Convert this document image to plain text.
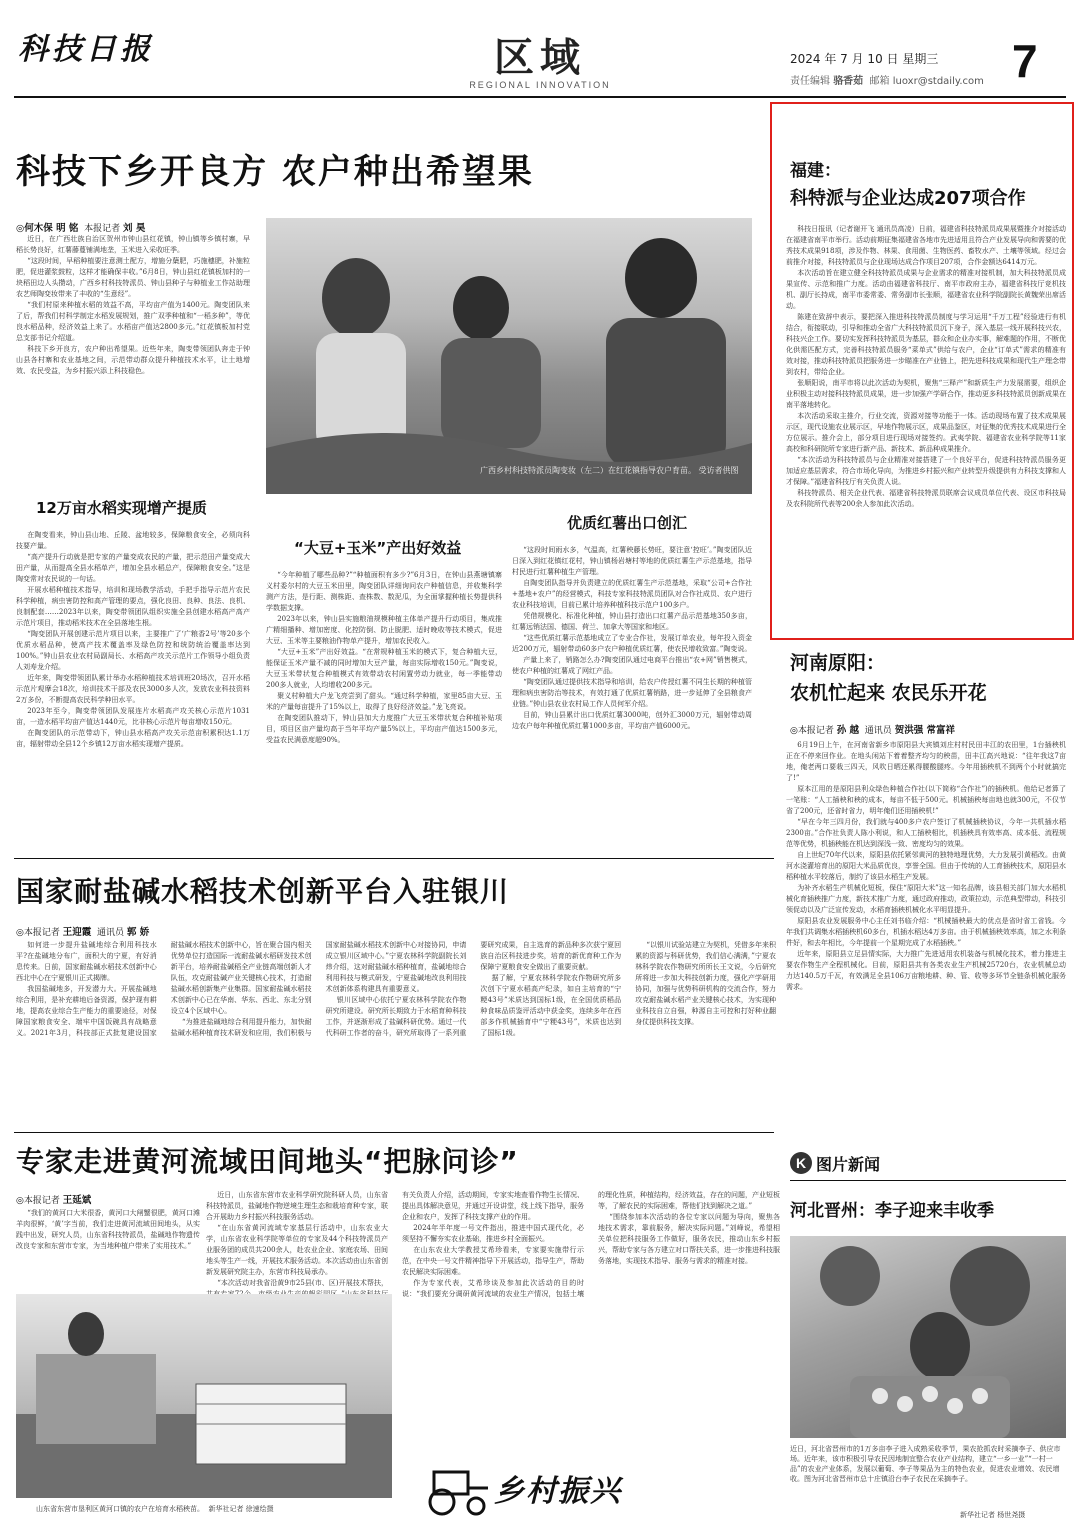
科技日报	区域
REGIONAL INNOVATION
2024 年 7 月 10 日 星期三
责任编辑 骆香茹 邮箱 luoxr@stdaily.com 7
科技下乡开良方 农户种出希望果
◎何木保 明 铭 本报记者 刘 昊

近日，在广西壮族自治区贺州市钟山县红花镇，钟山镇等乡镇村寨，早稻长势良好，红薯藤蔓铺满地垄，玉米进入采收旺季。

“这段时间，早稻种植要注意测土配方，增施分蘖肥，巧施穗肥，补施粒肥，促进灌浆鼓粒，这样才能确保丰收。”6月8日，钟山县红花镇板加村的一块稻田边人头攒动，广西乡村科技特派员、钟山县种子与种植业工作站助理农艺师陶变妆带来了丰收的“生意经”。

“我们村原来种植水稻的效益不高，平均亩产值为1400元。陶变团队来了后，帮我们村科学制定水稻发展规划，推广双季种植和“一稻多种”，等优良水稻品种，经济效益上来了。水稻亩产值达2800多元。”红花镇板加村党总支部书记介绍道。

科技下乡开良方，农户种出希望果。近些年来，陶变带领团队奔走于钟山县各村寨和农业基地之间，示范带动群众提升种植技术水平，让土地增效、农民受益，为乡村振兴添上科技稳色。

广西乡村科技特派员陶变妆（左二）在红花镇指导农户育苗。 受访者供图
12万亩水稻实现增产提质

在陶变看来，钟山县山地、丘陵、盆地较多，保障粮食安全，必须向科技要产量。

“高产提升行动就是把专家的产量变成农民的产量，把示范田产量变成大田产量，从而提高全县水稻单产，增加全县水稻总产，保障粮食安全。”这是陶变常对农民说的一句话。

开展水稻种植技术指导，培训和现场教学活动，手把手指导示范片农民科学种植，病虫害防控和高产管理的要点，强化良田、良种、良法、良机、良制配套……2023年以来，陶变带领团队组织实施全县创建水稻高产高产示范片项目，推动稻米技术在全县落地生根。

“陶变团队开展创建示范片项目以来，主要推广了‘广粮香2号’等20多个优质水稻品种，使高产技术覆盖率及绿色防控和统防统治覆盖率达到100%。”钟山县农业农村局副局长、水稻高产攻关示范片工作领导小组负责人刘寿龙介绍。

近年来，陶变带领团队累计举办水稻种植技术培训班20场次，召开水稻示范片观摩会18次，培训技术干部及农民3000多人次，发放农业科技资料2万多份，不断提高农民科学种田水平。

2023年至今，陶变带领团队发展连片水稻高产攻关核心示范片1031亩，一造水稻平均亩产值达1440元，比非核心示范片每亩增收150元。

在陶变团队的示范带动下，钟山县水稻高产攻关示范亩积累积达1.1万亩，辐射带动全县12个乡镇12万亩水稻实现增产提质。

“大豆+玉米”产出好效益

“今年种植了哪些品种?”“种植面积有多少?”6月3日，在钟山县燕塘镇寨义村委尔村的大豆玉米田里，陶变团队详细询问农户种植信息，并收集科学测产方法，是行距、测株距、查株数、数泥瓜，为全面掌握种植长势提供科学数据支撑。

2023年以来，钟山县实施粮油规模种植主体单产提升行动项目，集成推广精细播种、增加密度、化控防倒、防止脱肥、适时晚收等技术模式，促进大豆、玉米等主要粮油作物单产提升，增加农民收入。

“大豆+玉米”产出好效益。“在常规种植玉米的模式下，复合种植大豆，能保证玉米产量不减的同时增加大豆产量，每亩实际增收150元。”陶变说，大豆玉米带状复合种植模式有效带动农村闲置劳动力就业，每一季能带动200多人就业，人均增收200多元。

聚义村种植大户龙飞亮尝到了甜头。“通过科学种植，家里85亩大豆、玉米的产量每亩提升了15%以上，取得了良好经济效益。”龙飞亮说。

在陶变团队推动下，钟山县加大力度推广大豆玉米带状复合种植补贴项目，项目区亩产量均高于当年平均产量5%以上，平均亩产值达1500多元，受益农民满意度超90%。

优质红薯出口创汇

“这段时间雨水多，气温高，红薯秧藤长势旺，要注意‘控旺’。”陶变团队近日深入到红花镇红花村，钟山镇杨岩塘村等地的优质红薯生产示范基地，指导村民进行红薯种植生产管理。

自陶变团队指导并负责建立的优质红薯生产示范基地，采取“公司+合作社+基地+农户”的经营模式，科技专家科技特派员团队对合作社成员、农户进行农业科技培训，目前已累计培养种植科技示范户100多户。

凭借规模化、标准化种植，钟山县打造出口红薯产品示范基地350多亩，红薯远销法国、德国、荷兰、加拿大等国家和地区。

“这些优质红薯示范基地成立了专业合作社，发展订单农业，每年投入资金近200万元，辐射带动60多户农户种植优质红薯，使农民增收致富。”陶变说。

产量上来了，销路怎么办?陶变团队通过电商平台推出“农+网”销售模式，使农户种植的红薯成了网红产品。

“陶变团队通过提供技术指导和培训，给农户传授红薯不同生长期的种植管理和病虫害防治等技术，有效打通了优质红薯销路，进一步延伸了全县粮食产业链。”钟山县农业农村局工作人员何军介绍。

目前，钟山县累计出口优质红薯3000吨，创外汇3000万元，辐射带动周边农户每年种植优质红薯1000多亩，平均亩产值6000元。

福建：
科特派与企业达成207项合作

科技日报讯（记者谢开飞 通讯员高凌）日前，福建省科技特派员成果展暨推介对接活动在福建省南平市举行。活动前期征集福建省各地市先进适用且符合产业发展导向和需要的优秀技术成果918项，涉及作物、林果、食用菌、生物医药、畜牧水产、土壤等领域。经过会前推介对接，科技特派员与企业现场达成合作项目207项，合作金额达6414万元。

本次活动旨在建立健全科技特派员成果与企业需求的精准对接机制，加大科技特派员成果宣传、示范和推广力度。活动由福建省科技厅、南平市政府主办，福建省科技厅竞机技机、副厅长持成，南平市委常委、常务副市长张顺，福建省农业科学院副院长黄魏荣出席活动。

陈建在致辞中表示，要把深入推进科技特派员制度与学习运用“千万工程”经验进行有机结合，衔接联动，引导和推动全省广大科技特派员沉下身子，深入基层一线开展科技兴农，科技兴企工作。要切实发挥科技特派员为基层，群众和企业办实事，解难题的作用，不断优化供需匹配方式，完善科技特派员服务“菜单式”供给与农户，企业“订单式”需求的精准有效对接，推动科技特派员把服务进一步瞄准在产业链上，把先进科技成果和现代生产理念带到农村，带给企业。

张顺阳说，南平市将以此次活动为契机，聚焦“三释产”和新质生产力发展需要，组织企业积极主动对接科技特派员成果，进一步加强产学研合作，推动更多科技特派员创新成果在南平落地转化。

本次活动采取主推介，行业交流，资源对接等功能于一体。活动现场布置了技术成果展示区，现代设施农业展示区，早地作物展示区，成果品鉴区，对征集的优秀技术成果进行全方位展示。推介会上，部分项目进行现场对接签约。武夷学院、福建省农业科学院等11家高校和科研院所专家进行新产品、新技术、新品种成果推介。

“本次活动为科技特派员与企业精准对接搭建了一个良好平台，促进科技特派员服务更加适应基层需求，符合市场化导向，为推进乡村振兴和产业转型升级提供有力科技支撑和人才保障。”福建省科技厅有关负责人说。

科技特派员、相关企业代表、福建省科技特派员联席会议成员单位代表、设区市科技局及农科院所代表等200余人参加此次活动。

河南原阳：
农机忙起来 农民乐开花
◎本报记者 孙 越 通讯员 贺洪强 常富祥

6月19日上午，在河南省新乡市原阳县大宾镇刘庄村村民田丰江的农田里，1台插秧机正在不停来回作业。在地头闲站下着着整齐均匀的秧苗，田丰江高兴地说：“往年我这7亩地，俺老两口要栽三四天，风吹日晒还累得腰酸腿疼。今年用插秧机不到两个小时就搞完了!”

原本江用的是原阳县利众绿色种植合作社(以下简称“合作社”)的插秧机。他给记者算了一笔账：“人工插秧和秧的成本，每亩不低于500元。机械插秧每亩地也就300元，不仅节省了200元，还省时省力，明年俺们还用插秧机!”

“早在今年三四月份，我们就与400多户农户签订了机械插秧协议，今年一共机插水稻2300亩。”合作社负责人陈小利说，和人工插秧相比，机插秧具有效率高、成本低、流程规范等优势，机插秧能在机达到深浅一致、密度均匀的效果。

自上世纪70年代以来，原阳县依托紧邻黄河的独特地理优势，大力发展引黄稻改。由黄河水浇灌培育出的原阳大米品质优良，享誉全国。但由于传统的人工育插秧技术，原阳县水稻种植水平较落后，制约了该县水稻生产发展。

为补齐水稻生产机械化短板，保住“原阳大米”这一知名品牌，该县相关部门加大水稻机械化育插秧推广力度，新技术推广力度，通过政府推动，政策拉动，示范典型带动，科技引领促动以及广泛宣传发动，水稻育插秧机械化水平明显提升。

原阳县农业发展服务中心主任刘书临介绍：“机械插秧最大的优点是省时省工省钱。今年我们共调集水稻插秧机60多台，机插水稻达4万多亩。由于机械插秧效率高，加之水利条件好，和去年相比，今年提前一个星期完成了水稻插秧。”

近年来，原阳县立足县情实际，大力推广先进适用农机装备与机械化技术，着力推进主要农作物生产全程机械化。目前，原阳县共有各类农业生产机械25720台，农业机械总动力达140.5万千瓦，有效满足全县106万亩粮地耕、种、管、收等多环节全链条机械化服务需求。

国家耐盐碱水稻技术创新平台入驻银川
◎本报记者 王迎霞 通讯员 郭 娇

如何进一步提升盐碱地综合利用科技水平?在盐碱地分布广，面积大的宁夏，有好消息传来。日前，国家耐盐碱水稻技术创新中心西北中心在宁夏银川正式揭牌。

我国盐碱地多，开发潜力大。开展盐碱地综合利用，是补充耕地后备资源，保护现有耕地，提高农业综合生产能力的重要途径，对保障国家粮食安全、端牢中国饭碗具有战略意义。2021年3月，科技部正式批复建设国家耐盐碱水稻技术创新中心，旨在聚合国内相关优势单位打造国际一流耐盐碱水稻研发技术创新平台，培养耐盐碱稻全产业链高端创新人才队伍，攻克耐盐碱产业关键核心技术，打造耐盐碱水稻创新集产业集群。国家耐盐碱水稻技术创新中心已在华南、华东、西北、东北分别设立4个区域中心。

“为推进盐碱地综合利用提升能力，加快耐盐碱水稻种植育技术研发和应用，我们积极与国家耐盐碱水稻技术创新中心对接协同，申请成立银川区域中心。”宁夏农林科学院副院长刘炜介绍，这对耐盐碱水稻种植育，盐碱地综合利用科技与模式研发，宁夏盐碱地改良利用技术创新体系构建具有重要意义。

银川区域中心依托宁夏农林科学院农作物研究所建设。研究所长期致力于水稻育种科技工作，并逐渐形成了盐碱科研优势。通过一代代科研工作者的奋斗，研究所取得了一系列重要研究成果，自主选育的新品种多次获宁夏回族自治区科技进步奖，培育的新优育种工作为保障宁夏粮食安全做出了重要贡献。

据了解，宁夏农林科学院农作物研究所多次创下宁夏水稻高产纪录，如自主培育的“宁粳43号”米质达到国标1级，在全国优质稻品种食味品质鉴评活动中获金奖，连续多年在西部多作机械插育中“宁粳43号”，米质也达到了国标1级。

“以银川试验站建立为契机，凭借多年来积累的资源与科研优势，我们信心满满，”宁夏农林科学院农作物研究所所长王文说，今后研究所将进一步加大科技创新力度，强化产学研用协同，加强与优势科研机构的交流合作，努力攻克耐盐碱水稻产业关键核心技术，为实现种业科技自立自强，种源自主可控和打好种业翻身仗提供科技支撑。

专家走进黄河流域田间地头“把脉问诊”
◎本报记者 王延斌

“我们的黄河口大米很香，黄河口大闸蟹很肥，黄河口滩羊肉很鲜，‘黄’字当前，我们走进黄河流域田间地头，从实践中出发，研究人员，山东省科技特派员，盐碱地作物遗传改良专家和东营市专家，为当地种植户带来了实用技术。”

近日，山东省东营市农业科学研究院科研人员，山东省科技特派员，盐碱地作物逆境生理生态和栽培育种专家，联合开展助力乡村振兴科技服务活动。

“在山东省黄河流域专家基层行活动中，山东农业大学，山东省农业科学院等单位的专家及44个科技特派员产业服务团的成员共200余人，赴农业企业、家庭农场、田间地头等生产一线，开展技术服务活动。本次活动由山东省创新发展研究院主办，东营市科技局承办。

“本次活动对我省沿黄9市25县(市、区)开展技术帮扶， 有关负责人介绍，活动期间，专家实地查看作物生长情况、提出具体解决意见，并通过开设讲堂，线上线下指导，服务企业和农户，发挥了科技支撑产业的作用。

2024年半年度一号文件指出，推进中国式现代化，必须坚持不懈夯实农业基础，推进乡村全面振兴。

在山东农业大学教授艾希珍看来，专家要实施带行示范，在中央一号文件精神指导下开展活动，指导生产，帮助农民解决实际困难。

作为专家代表，艾希珍谈及参加此次活动的目的时说：“我们要充分调研黄河流域的农业生产情况，包括土壤的理化性质，种植结构，经济效益，存在的问题，产业短板等，了解农民的实际困难，帮他们找到解决之道。”

“围绕参加本次活动的各位专家以问题为导向，聚焦各地技术需求，靠前服务，解决实际问题。”刘峰说，希望相关单位把科技服务工作做好，服务农民，推动山东乡村振兴，帮助专家与各方建立对口帮扶关系，进一步推进科技服务落地，实现技术指导、服务与需求的精准对接。

山东省东营市垦利区黄河口镇的农户在培育水稻秧苗。 新华社记者 徐速绘摄	乡村振兴
K 图片新闻
河北晋州：李子迎来丰收季
近日，河北省晋州市的1万多亩李子进入成熟采收季节，果农抢抓农时采摘李子、供应市场。近年来，该市积极引导农民因地制宜整合农业产业结构，建立“一乡一业”“一村一品”的农业产业体系，发展以葡萄、李子等果品为主的特色农业，促进农业增效、农民增收。图为河北省晋州市总十庄镇沿台李子农民在采摘李子。
新华社记者 杨世尧摄
